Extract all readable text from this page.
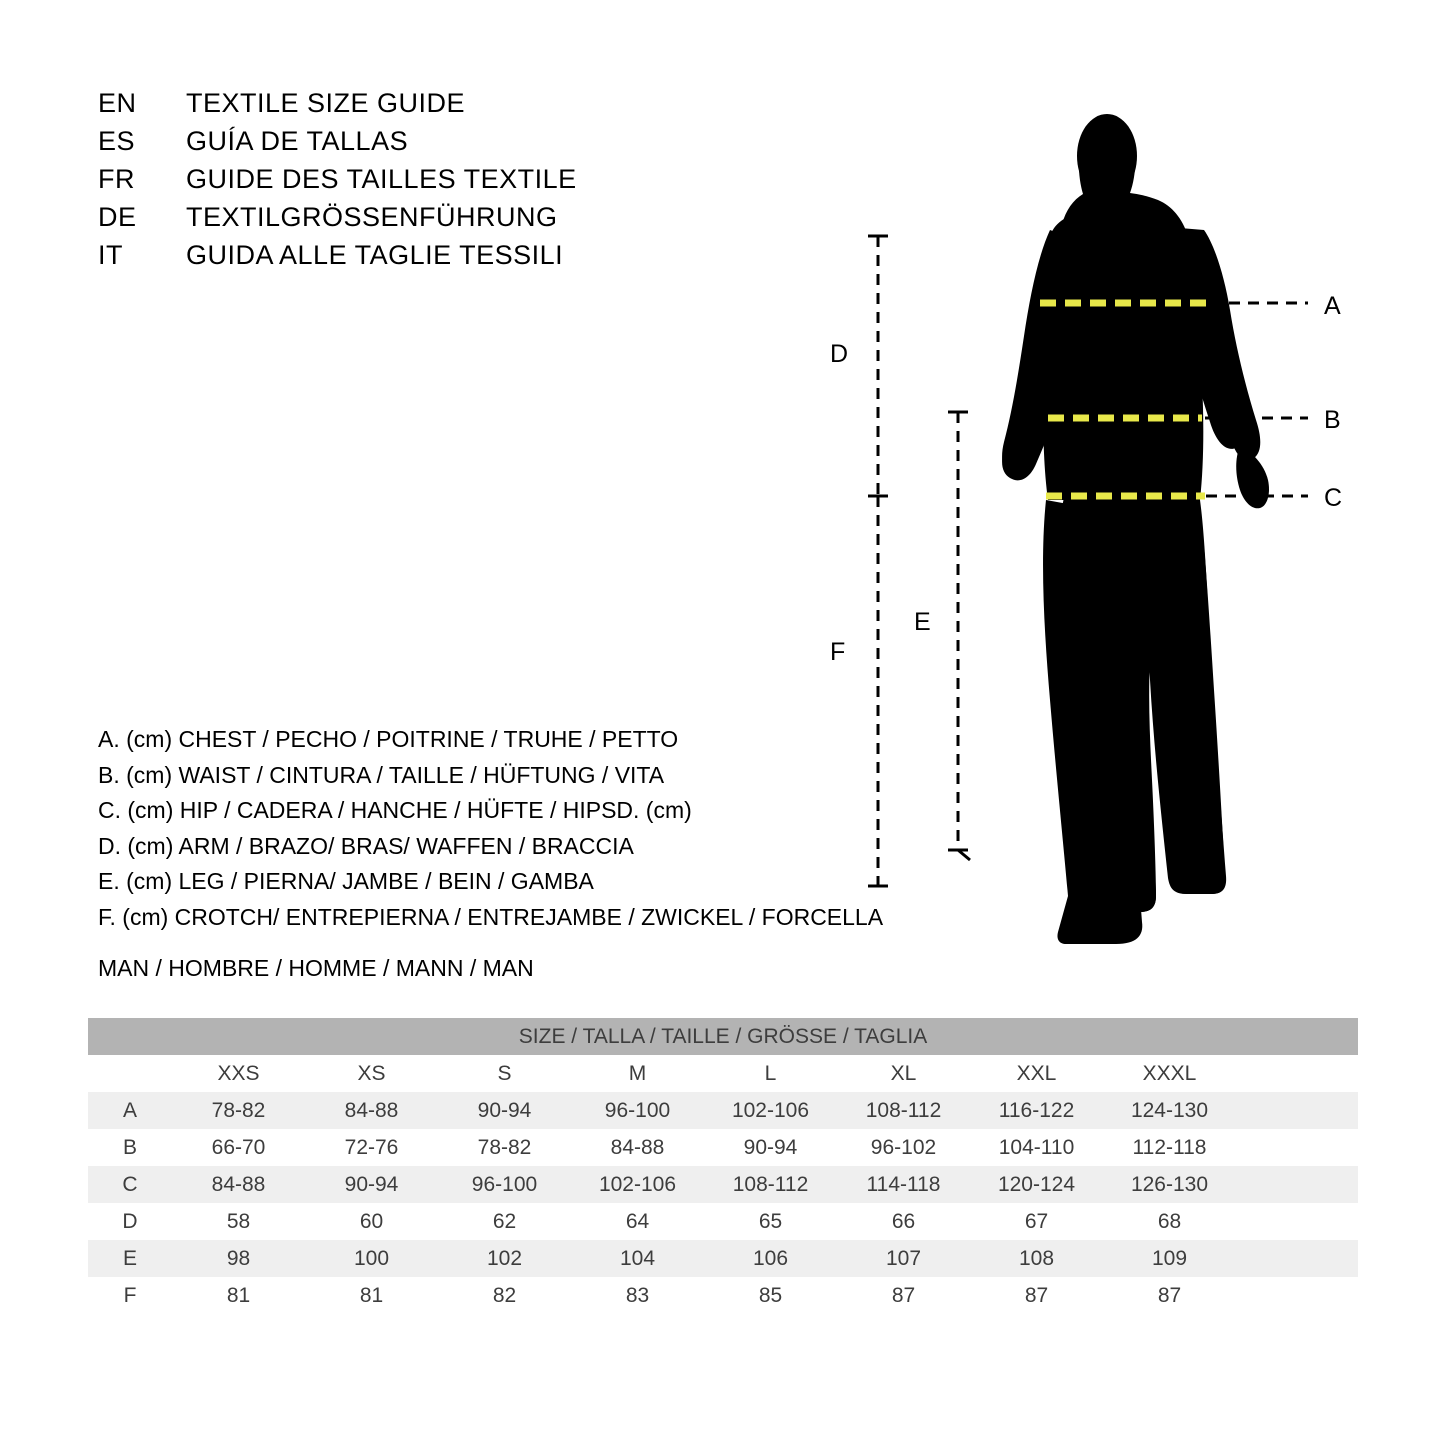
EN	TEXTILE SIZE GUIDE
ES	GUÍA DE TALLAS
FR	GUIDE DES TAILLES TEXTILE
DE	TEXTILGRÖSSENFÜHRUNG
IT	GUIDA ALLE TAGLIE TESSILI
A. (cm) CHEST / PECHO / POITRINE / TRUHE / PETTO
B. (cm) WAIST / CINTURA / TAILLE / HÜFTUNG / VITA
C. (cm) HIP / CADERA / HANCHE / HÜFTE / HIPSD. (cm)
D. (cm) ARM / BRAZO/ BRAS/ WAFFEN / BRACCIA
E. (cm) LEG / PIERNA/ JAMBE / BEIN / GAMBA
F. (cm) CROTCH/ ENTREPIERNA / ENTREJAMBE / ZWICKEL / FORCELLA
MAN / HOMBRE / HOMME / MANN / MAN
A
B
C
D
E
F
SIZE / TALLA / TAILLE / GRÖSSE / TAGLIA									
	XXS	XS	S	M	L	XL	XXL	XXXL	
A	78-82	84-88	90-94	96-100	102-106	108-112	116-122	124-130	
B	66-70	72-76	78-82	84-88	90-94	96-102	104-110	112-118	
C	84-88	90-94	96-100	102-106	108-112	114-118	120-124	126-130	
D	58	60	62	64	65	66	67	68	
E	98	100	102	104	106	107	108	109	
F	81	81	82	83	85	87	87	87	
